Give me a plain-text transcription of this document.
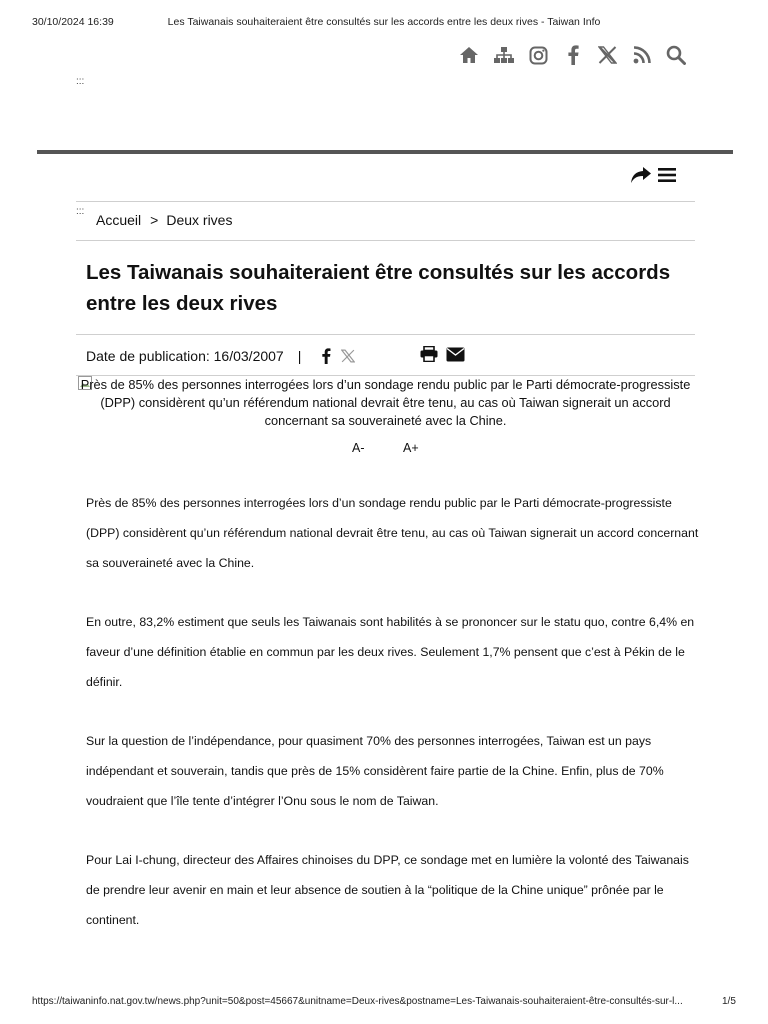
30/10/2024 16:39	Les Taiwanais souhaiteraient être consultés sur les accords entre les deux rives - Taiwan Info
:::
:::
Accueil > Deux rives
Les Taiwanais souhaiteraient être consultés sur les accords entre les deux rives
Date de publication: 16/03/2007 |

Près de 85% des personnes interrogées lors d’un sondage rendu public par le Parti démocrate-progressiste (DPP) considèrent qu’un référendum national devrait être tenu, au cas où Taiwan signerait un accord concernant sa souveraineté avec la Chine.

A-	A+

Près de 85% des personnes interrogées lors d’un sondage rendu public par le Parti démocrate-progressiste (DPP) considèrent qu’un référendum national devrait être tenu, au cas où Taiwan signerait un accord concernant sa souveraineté avec la Chine.

En outre, 83,2% estiment que seuls les Taiwanais sont habilités à se prononcer sur le statu quo, contre 6,4% en faveur d’une définition établie en commun par les deux rives. Seulement 1,7% pensent que c’est à Pékin de le définir.

Sur la question de l’indépendance, pour quasiment 70% des personnes interrogées, Taiwan est un pays indépendant et souverain, tandis que près de 15% considèrent faire partie de la Chine. Enfin, plus de 70% voudraient que l’île tente d’intégrer l’Onu sous le nom de Taiwan.

Pour Lai I-chung, directeur des Affaires chinoises du DPP, ce sondage met en lumière la volonté des Taiwanais de prendre leur avenir en main et leur absence de soutien à la “politique de la Chine unique” prônée par le continent.

https://taiwaninfo.nat.gov.tw/news.php?unit=50&post=45667&unitname=Deux-rives&postname=Les-Taiwanais-souhaiteraient-être-consultés-sur-l...	1/5
